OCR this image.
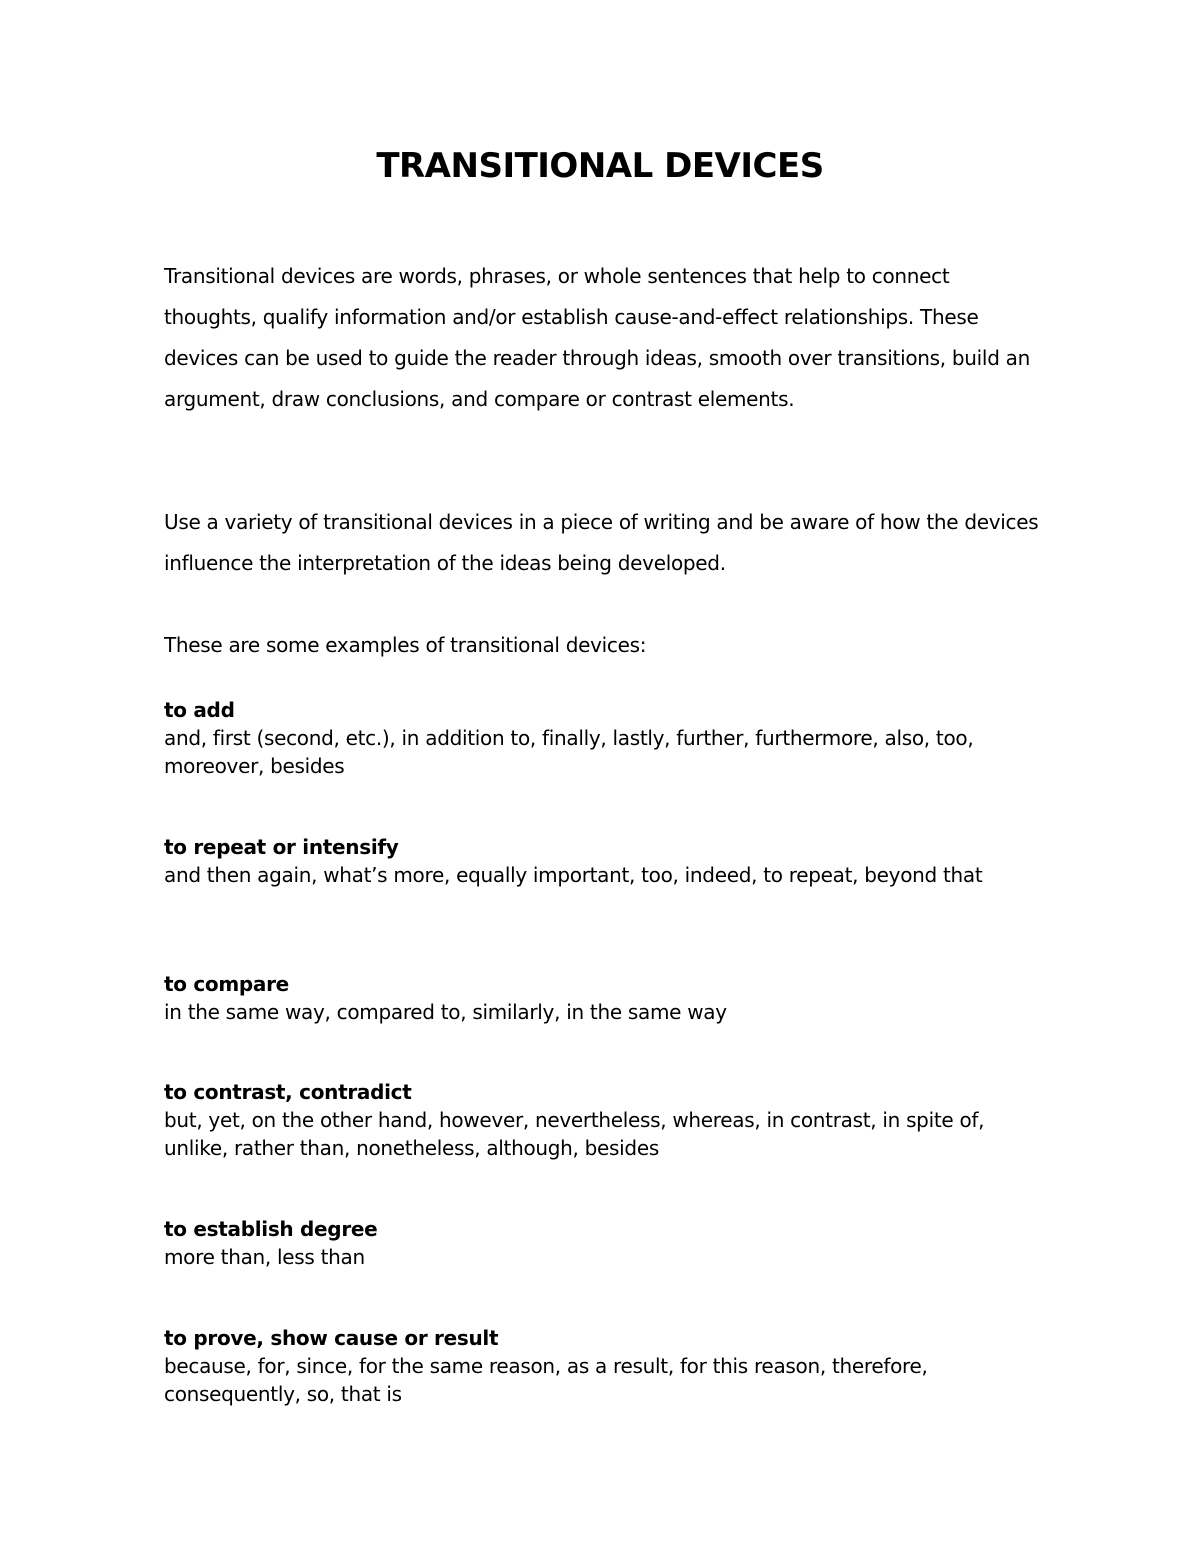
TRANSITIONAL DEVICES

Transitional devices are words, phrases, or whole sentences that help to connect thoughts, qualify information and/or establish cause-and-effect relationships. These devices can be used to guide the reader through ideas, smooth over transitions, build an argument, draw conclusions, and compare or contrast elements.

Use a variety of transitional devices in a piece of writing and be aware of how the devices influence the interpretation of the ideas being developed.

These are some examples of transitional devices:

to add

and, first (second, etc.), in addition to, finally, lastly, further, furthermore, also, too, moreover, besides

to repeat or intensify

and then again, what’s more, equally important, too, indeed, to repeat, beyond that

to compare

in the same way, compared to, similarly, in the same way

to contrast, contradict

but, yet, on the other hand, however, nevertheless, whereas, in contrast, in spite of, unlike, rather than, nonetheless, although, besides

to establish degree

more than, less than

to prove, show cause or result

because, for, since, for the same reason, as a result, for this reason, therefore, consequently, so, that is
